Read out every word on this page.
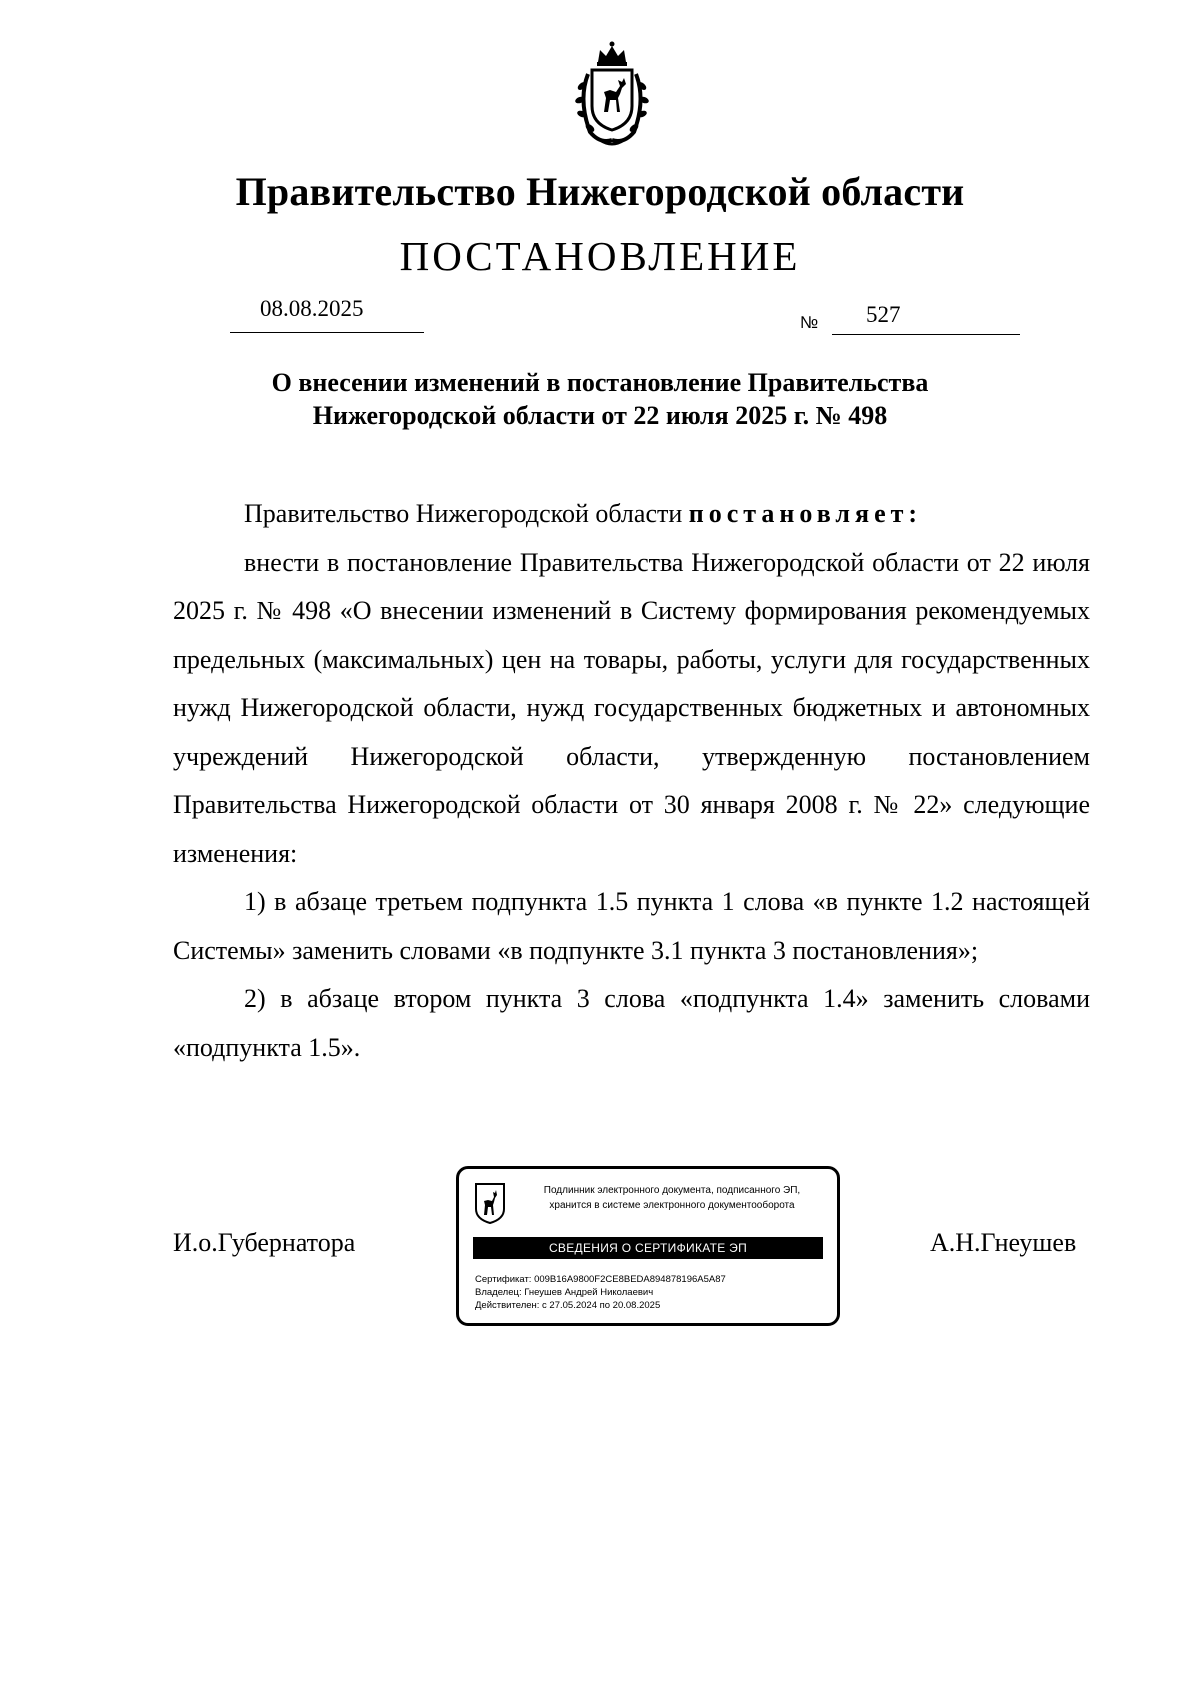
Правительство Нижегородской области
ПОСТАНОВЛЕНИЕ
08.08.2025
№ 527
О внесении изменений в постановление Правительства
Нижегородской области от 22 июля 2025 г. № 498

Правительство Нижегородской области постановляет:

внести в постановление Правительства Нижегородской области от 22 июля 2025 г. № 498 «О внесении изменений в Систему формирования рекомендуемых предельных (максимальных) цен на товары, работы, услуги для государственных нужд Нижегородской области, нужд государственных бюджетных и автономных учреждений Нижегородской области, утвержденную постановлением Правительства Нижегородской области от 30 января 2008 г. № 22» следующие изменения:

1) в абзаце третьем подпункта 1.5 пункта 1 слова «в пункте 1.2 настоящей Системы» заменить словами «в подпункте 3.1 пункта 3 постановления»;

2) в абзаце втором пункта 3 слова «подпункта 1.4» заменить словами «подпункта 1.5».

И.о.Губернатора
Подлинник электронного документа, подписанного ЭП,
хранится в системе электронного документооборота
СВЕДЕНИЯ О СЕРТИФИКАТЕ ЭП
Сертификат: 009B16A9800F2CE8BEDA894878196A5A87
Владелец: Гнеушев Андрей Николаевич
Действителен: с 27.05.2024 по 20.08.2025
А.Н.Гнеушев
